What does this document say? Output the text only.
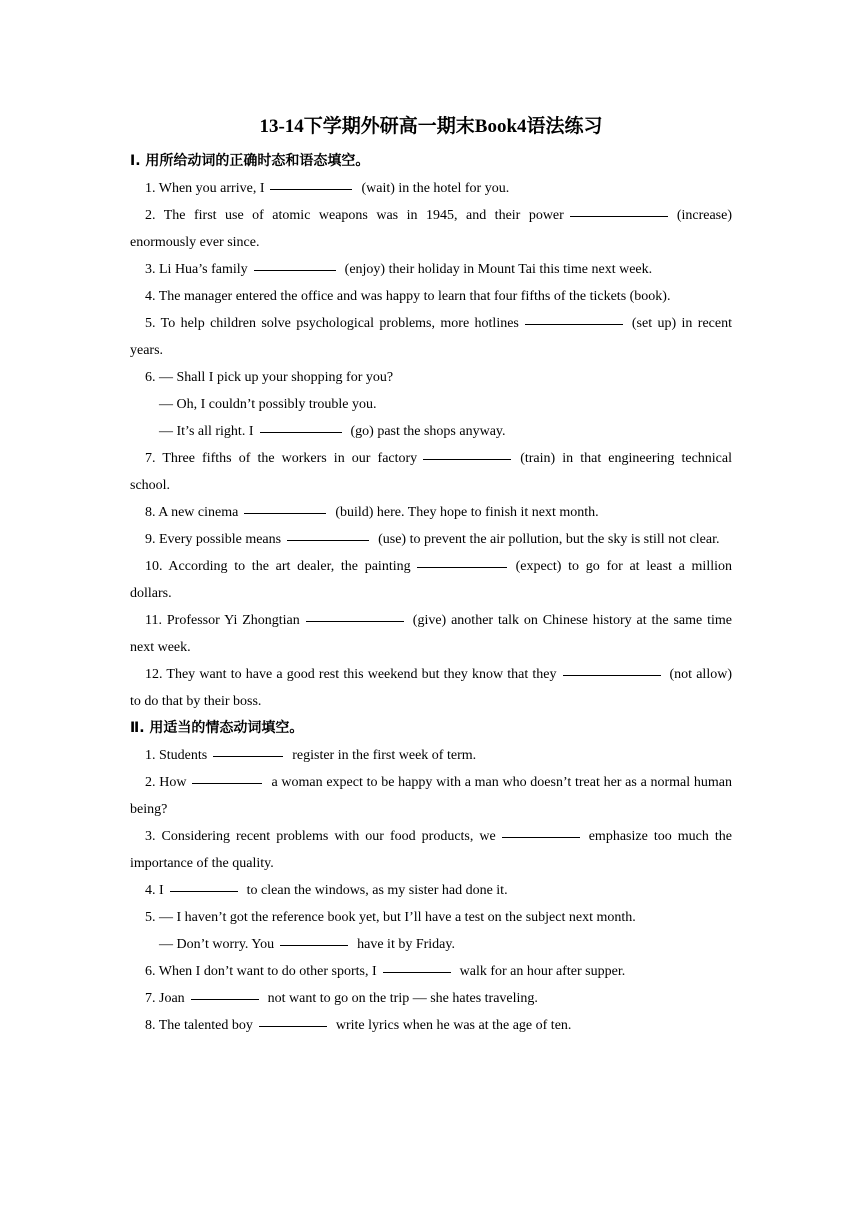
13-14下学期外研高一期末Book4语法练习
Ⅰ. 用所给动词的正确时态和语态填空。

1. When you arrive, I	(wait) in the hotel for you.

2. The first use of atomic weapons was in 1945, and their power	(increase) enormously ever since.

3. Li Hua’s family	(enjoy) their holiday in Mount Tai this time next week.

4. The manager entered the office and was happy to learn that four fifths of the tickets (book).

5. To help children solve psychological problems, more hotlines	(set up) in recent years.

6. — Shall I pick up your shopping for you?

— Oh, I couldn’t possibly trouble you.

— It’s all right. I	(go) past the shops anyway.

7. Three fifths of the workers in our factory	(train) in that engineering technical school.

8. A new cinema	(build) here. They hope to finish it next month.

9. Every possible means	(use) to prevent the air pollution, but the sky is still not clear.

10. According to the art dealer, the painting	(expect) to go for at least a million dollars.

11. Professor Yi Zhongtian	(give) another talk on Chinese history at the same time next week.

12. They want to have a good rest this weekend but they know that they	(not allow) to do that by their boss.

Ⅱ. 用适当的情态动词填空。

1. Students	register in the first week of term.

2. How	a woman expect to be happy with a man who doesn’t treat her as a normal human being?

3. Considering recent problems with our food products, we	emphasize too much the importance of the quality.

4. I	to clean the windows, as my sister had done it.

5. — I haven’t got the reference book yet, but I’ll have a test on the subject next month.

— Don’t worry. You	have it by Friday.

6. When I don’t want to do other sports, I	walk for an hour after supper.

7. Joan	not want to go on the trip — she hates traveling.

8. The talented boy	write lyrics when he was at the age of ten.
